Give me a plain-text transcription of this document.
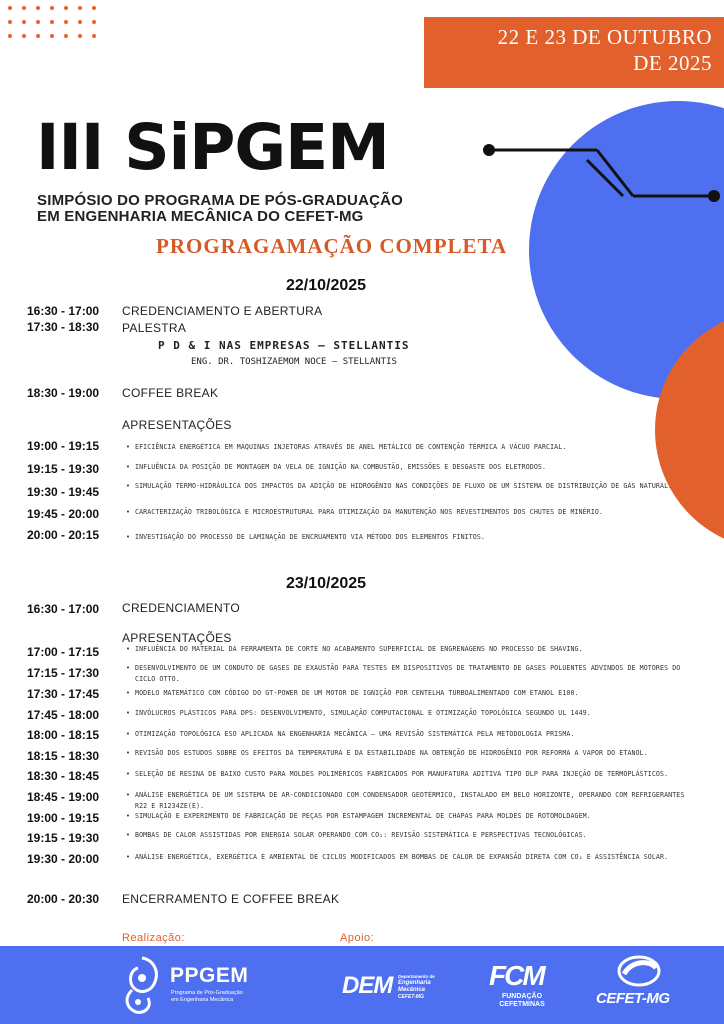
22 E 23 DE OUTUBRO
DE 2025
III SiPGEM
SIMPÓSIO DO PROGRAMA DE PÓS-GRADUAÇÃO
EM ENGENHARIA MECÂNICA DO CEFET-MG
PROGRAGAMAÇÃO COMPLETA
22/10/2025
16:30 - 17:00 CREDENCIAMENTO E ABERTURA
17:30 - 18:30 PALESTRA
P D & I NAS EMPRESAS – STELLANTIS
ENG. DR. TOSHIZAEMOM NOCE – STELLANTIS
18:30 - 19:00 COFFEE BREAK
APRESENTAÇÕES
19:00 - 19:15	• EFICIÊNCIA ENERGÉTICA EM MÁQUINAS INJETORAS ATRAVÉS DE ANEL METÁLICO DE CONTENÇÃO TÉRMICA A VÁCUO PARCIAL.
19:15 - 19:30	• INFLUÊNCIA DA POSIÇÃO DE MONTAGEM DA VELA DE IGNIÇÃO NA COMBUSTÃO, EMISSÕES E DESGASTE DOS ELETRODOS.
19:30 - 19:45	• SIMULAÇÃO TERMO-HIDRÁULICA DOS IMPACTOS DA ADIÇÃO DE HIDROGÊNIO NAS CONDIÇÕES DE FLUXO DE UM SISTEMA DE DISTRIBUIÇÃO DE GÁS NATURAL.
19:45 - 20:00	• CARACTERIZAÇÃO TRIBOLÓGICA E MICROESTRUTURAL PARA OTIMIZAÇÃO DA MANUTENÇÃO NOS REVESTIMENTOS DOS CHUTES DE MINÉRIO.
20:00 - 20:15	• INVESTIGAÇÃO DO PROCESSO DE LAMINAÇÃO DE ENCRUAMENTO VIA MÉTODO DOS ELEMENTOS FINITOS.
23/10/2025
16:30 - 17:00 CREDENCIAMENTO
APRESENTAÇÕES
17:00 - 17:15	• INFLUÊNCIA DO MATERIAL DA FERRAMENTA DE CORTE NO ACABAMENTO SUPERFICIAL DE ENGRENAGENS NO PROCESSO DE SHAVING.
17:15 - 17:30	• DESENVOLVIMENTO DE UM CONDUTO DE GASES DE EXAUSTÃO PARA TESTES EM DISPOSITIVOS DE TRATAMENTO DE GASES POLUENTES ADVINDOS DE MOTORES DO CICLO OTTO.
17:30 - 17:45	• MODELO MATEMÁTICO COM CÓDIGO DO GT-POWER DE UM MOTOR DE IGNIÇÃO POR CENTELHA TURBOALIMENTADO COM ETANOL E100.
17:45 - 18:00	• INVÓLUCROS PLÁSTICOS PARA DPS: DESENVOLVIMENTO, SIMULAÇÃO COMPUTACIONAL E OTIMIZAÇÃO TOPOLÓGICA SEGUNDO UL 1449.
18:00 - 18:15	• OTIMIZAÇÃO TOPOLÓGICA ESO APLICADA NA ENGENHARIA MECÂNICA – UMA REVISÃO SISTEMÁTICA PELA METODOLOGIA PRISMA.
18:15 - 18:30	• REVISÃO DOS ESTUDOS SOBRE OS EFEITOS DA TEMPERATURA E DA ESTABILIDADE NA OBTENÇÃO DE HIDROGÊNIO POR REFORMA A VAPOR DO ETANOL.
18:30 - 18:45	• SELEÇÃO DE RESINA DE BAIXO CUSTO PARA MOLDES POLIMÉRICOS FABRICADOS POR MANUFATURA ADITIVA TIPO DLP PARA INJEÇÃO DE TERMOPLÁSTICOS.
18:45 - 19:00	• ANÁLISE ENERGÉTICA DE UM SISTEMA DE AR-CONDICIONADO COM CONDENSADOR GEOTÉRMICO, INSTALADO EM BELO HORIZONTE, OPERANDO COM REFRIGERANTES R22 E R1234ZE(E).
19:00 - 19:15	• SIMULAÇÃO E EXPERIMENTO DE FABRICAÇÃO DE PEÇAS POR ESTAMPAGEM INCREMENTAL DE CHAPAS PARA MOLDES DE ROTOMOLDAGEM.
19:15 - 19:30	• BOMBAS DE CALOR ASSISTIDAS POR ENERGIA SOLAR OPERANDO COM CO₂: REVISÃO SISTEMÁTICA E PERSPECTIVAS TECNOLÓGICAS.
19:30 - 20:00	• ANÁLISE ENERGÉTICA, EXERGÉTICA E AMBIENTAL DE CICLOS MODIFICADOS EM BOMBAS DE CALOR DE EXPANSÃO DIRETA COM CO₂ E ASSISTÊNCIA SOLAR.
20:00 - 20:30 ENCERRAMENTO E COFFEE BREAK
Realização:	Apoio:
PPGEM
Programa de Pós-Graduação
em Engenharia Mecânica
DEM Departamento de
Engenharia
Mecânica
CEFET-MG
FCM
FUNDAÇÃO
CEFETMINAS	CEFET-MG
